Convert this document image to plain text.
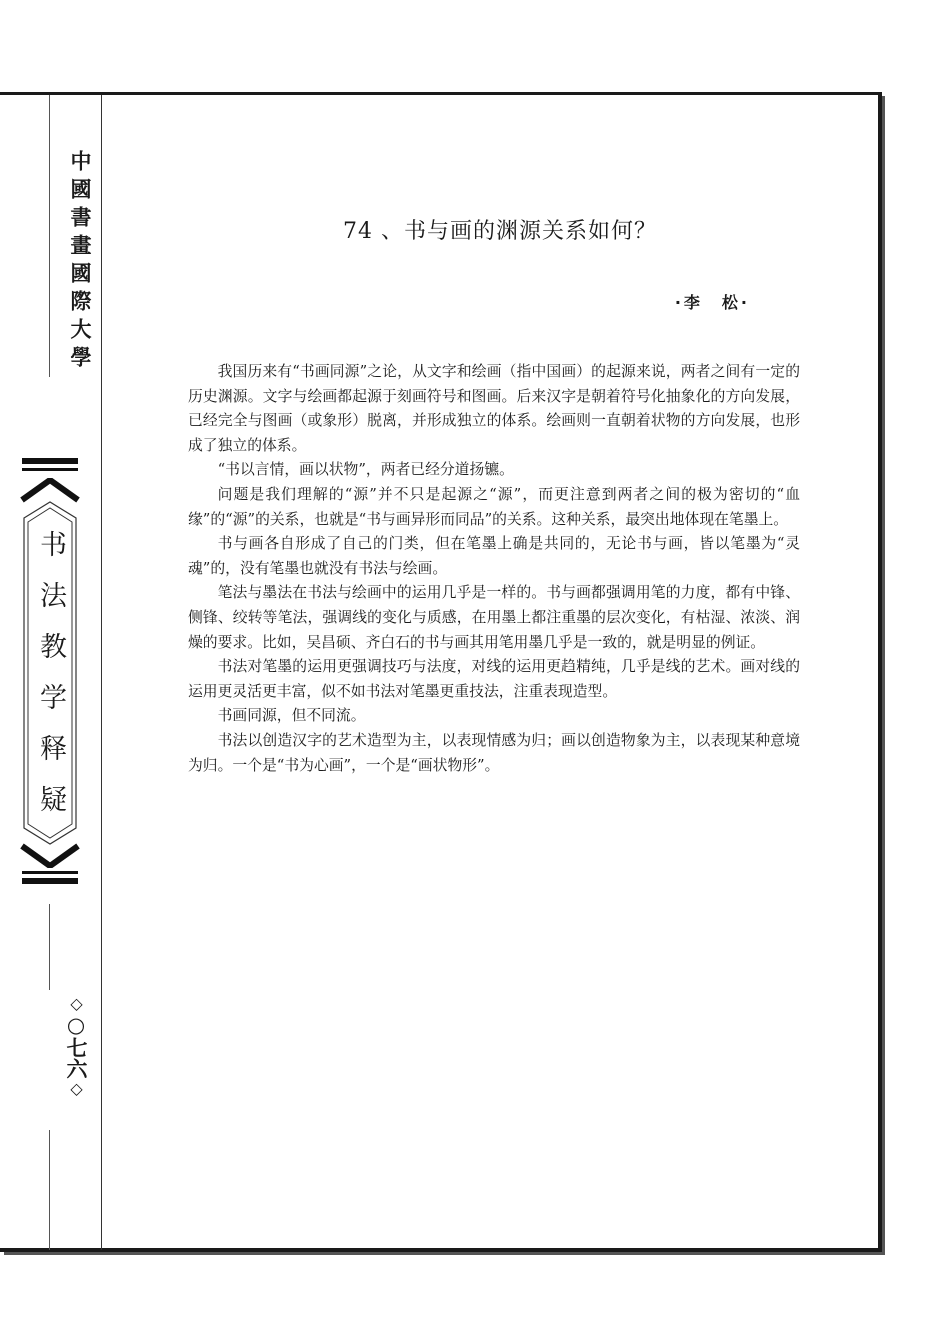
中國書畫國際大學
书法教学释疑
◇○七六◇
74 、书与画的渊源关系如何？
·李　松·

我国历来有“书画同源”之论，从文字和绘画（指中国画）的起源来说，两者之间有一定的历史渊源。文字与绘画都起源于刻画符号和图画。后来汉字是朝着符号化抽象化的方向发展，已经完全与图画（或象形）脱离，并形成独立的体系。绘画则一直朝着状物的方向发展，也形成了独立的体系。

“书以言情，画以状物”，两者已经分道扬镳。

问题是我们理解的“源”并不只是起源之“源”，而更注意到两者之间的极为密切的“血缘”的“源”的关系，也就是“书与画异形而同品”的关系。这种关系，最突出地体现在笔墨上。

书与画各自形成了自己的门类，但在笔墨上确是共同的，无论书与画，皆以笔墨为“灵魂”的，没有笔墨也就没有书法与绘画。

笔法与墨法在书法与绘画中的运用几乎是一样的。书与画都强调用笔的力度，都有中锋、侧锋、绞转等笔法，强调线的变化与质感，在用墨上都注重墨的层次变化，有枯湿、浓淡、润燥的要求。比如，吴昌硕、齐白石的书与画其用笔用墨几乎是一致的，就是明显的例证。

书法对笔墨的运用更强调技巧与法度，对线的运用更趋精纯，几乎是线的艺术。画对线的运用更灵活更丰富，似不如书法对笔墨更重技法，注重表现造型。

书画同源，但不同流。

书法以创造汉字的艺术造型为主，以表现情感为归；画以创造物象为主，以表现某种意境为归。一个是“书为心画”，一个是“画状物形”。
